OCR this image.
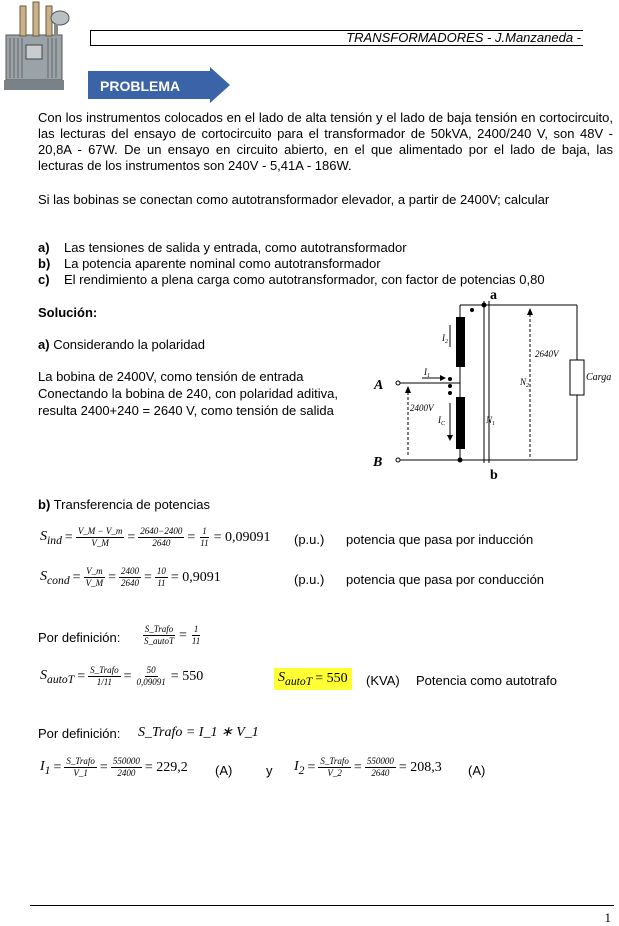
TRANSFORMADORES - J.Manzaneda -
PROBLEMA
Con los instrumentos colocados en el lado de alta tensión y el lado de baja tensión en cortocircuito, las lecturas del ensayo de cortocircuito para el transformador de 50kVA, 2400/240 V, son 48V - 20,8A - 67W. De un ensayo en circuito abierto, en el que alimentado por el lado de baja, las lecturas de los instrumentos son 240V - 5,41A - 186W.
Si las bobinas se conectan como autotransformador elevador, a partir de 2400V; calcular
a) Las tensiones de salida y entrada, como autotransformador
b) La potencia aparente nominal como autotransformador
c) El rendimiento a plena carga como autotransformador, con factor de potencias 0,80
Solución:
a) Considerando la polaridad
La bobina de 2400V, como tensión de entrada
Conectando la bobina de 240, con polaridad aditiva,
resulta 2400+240 = 2640 V, como tensión de salida
a
A
B
b
$I_2$
$I_1$
$I_C$	$N_1$
$N_2$
2640V
2400V
Carga
b) Transferencia de potencias
$S_{ind} = \frac{V\_M - V\_m}{V\_M} = \frac{2640-2400}{2640} = \frac{1}{11} = 0,09091$ (p.u.) potencia que pasa por inducción
$S_{cond} = \frac{V\_m}{V\_M} = \frac{2400}{2640} = \frac{10}{11} = 0,9091$	(p.u.) potencia que pasa por conducción
Por definición: $\frac{\text{S\_Trafo}}{\text{S\_autoT}} = \frac{1}{11}$
$S_{autoT} = \frac{\text{S\_Trafo}}{1/11} = \frac{50}{0,09091} = 550$	$S_{autoT} = 550$ (KVA) Potencia como autotrafo
Por definición: S_Trafo = I_1 ∗ V_1
$I_1 = \frac{\text{S\_Trafo}}{V\_1} = \frac{550000}{2400} = 229,2$ (A)	y $I_2 = \frac{\text{S\_Trafo}}{V\_2} = \frac{550000}{2640} = 208,3$ (A)
1
